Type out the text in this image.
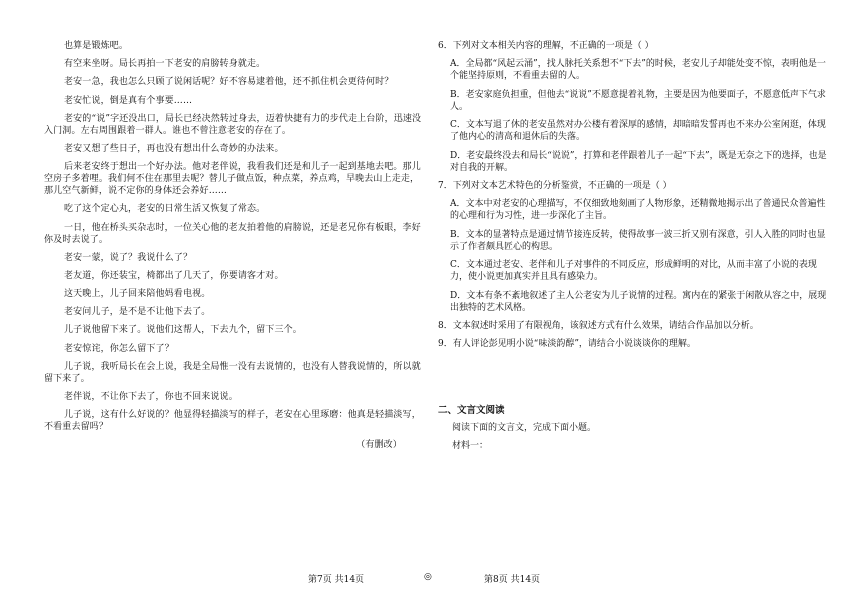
也算是锻炼吧。

有空来坐呀。局长再拍一下老安的肩膀转身就走。

老安一急，我也怎么只顾了说闲话呢？好不容易逮着他，还不抓住机会更待何时？

老安忙说，倒是真有个事要……

老安的“说”字还没出口，局长已经决然转过身去，迈着快捷有力的步代走上台阶，迅速没入门洞。左右周围跟着一群人。谁也不曾注意老安的存在了。

老安又想了些日子，再也没有想出什么奇妙的办法来。

后来老安终于想出一个好办法。他对老伴说，我看我们还是和儿子一起到基地去吧。那儿空房子多着哩。我们何不住在那里去呢？替儿子做点饭，种点菜，养点鸡，早晚去山上走走，那儿空气新鲜，说不定你的身体还会养好……

吃了这个定心丸，老安的日常生活又恢复了常态。

一日，他在桥头买杂志时，一位关心他的老友拍着他的肩膀说，还是老兄你有板眼，李好你及时去说了。

老安一蒙，说了？我说什么了？

老友道，你还装宝，椅都出了几天了，你要请客才对。

这天晚上，儿子回来陪他妈看电视。

老安问儿子，是不是不让他下去了。

儿子说他留下来了。说他们这帮人，下去九个，留下三个。

老安惊诧，你怎么留下了？

儿子说，我听局长在会上说，我是全局惟一没有去说情的，也没有人替我说情的，所以就留下来了。

老伴说，不让你下去了，你也不回来说说。

儿子说，这有什么好说的？他显得轻描淡写的样子，老安在心里琢磨：他真是轻描淡写，不看重去留吗？

（有删改）

6．下列对文本相关内容的理解，不正确的一项是（ ）
A．全局都“风起云涌”，找人脉托关系想不“下去”的时候，老安儿子却能处变不惊，表明他是一个能坚持原则，不看重去留的人。
B．老安家庭负担重，但他去“说说”不愿意提着礼物，主要是因为他要面子，不愿意低声下气求人。
C．文本写退了休的老安虽然对办公楼有着深厚的感情，却暗暗发誓再也不来办公室闲逛，体现了他内心的清高和退休后的失落。
D．老安最终没去和局长“说说”，打算和老伴跟着儿子一起“下去”，既是无奈之下的选择，也是对自我的开解。
7．下列对文本艺术特色的分析鉴赏，不正确的一项是（ ）
A．文本中对老安的心理描写，不仅细致地刻画了人物形象，还精微地揭示出了普通民众普遍性的心理和行为习性，进一步深化了主旨。
B．文本的显著特点是通过情节接连反转，使得故事一波三折又别有深意，引人入胜的同时也显示了作者颇具匠心的构思。
C．文本通过老安、老伴和儿子对事件的不同反应，形成鲜明的对比，从而丰富了小说的表现力，使小说更加真实并且具有感染力。
D．文本有条不紊地叙述了主人公老安为儿子说情的过程。寓内在的紧张于闲散从容之中，展现出独特的艺术风格。
8．文本叙述时采用了有限视角，该叙述方式有什么效果，请结合作品加以分析。
9．有人评论彭见明小说“味淡韵醇”，请结合小说谈谈你的理解。
二、文言文阅读
阅读下面的文言文，完成下面小题。
材料一：
第7页 共14页	◎	第8页 共14页
